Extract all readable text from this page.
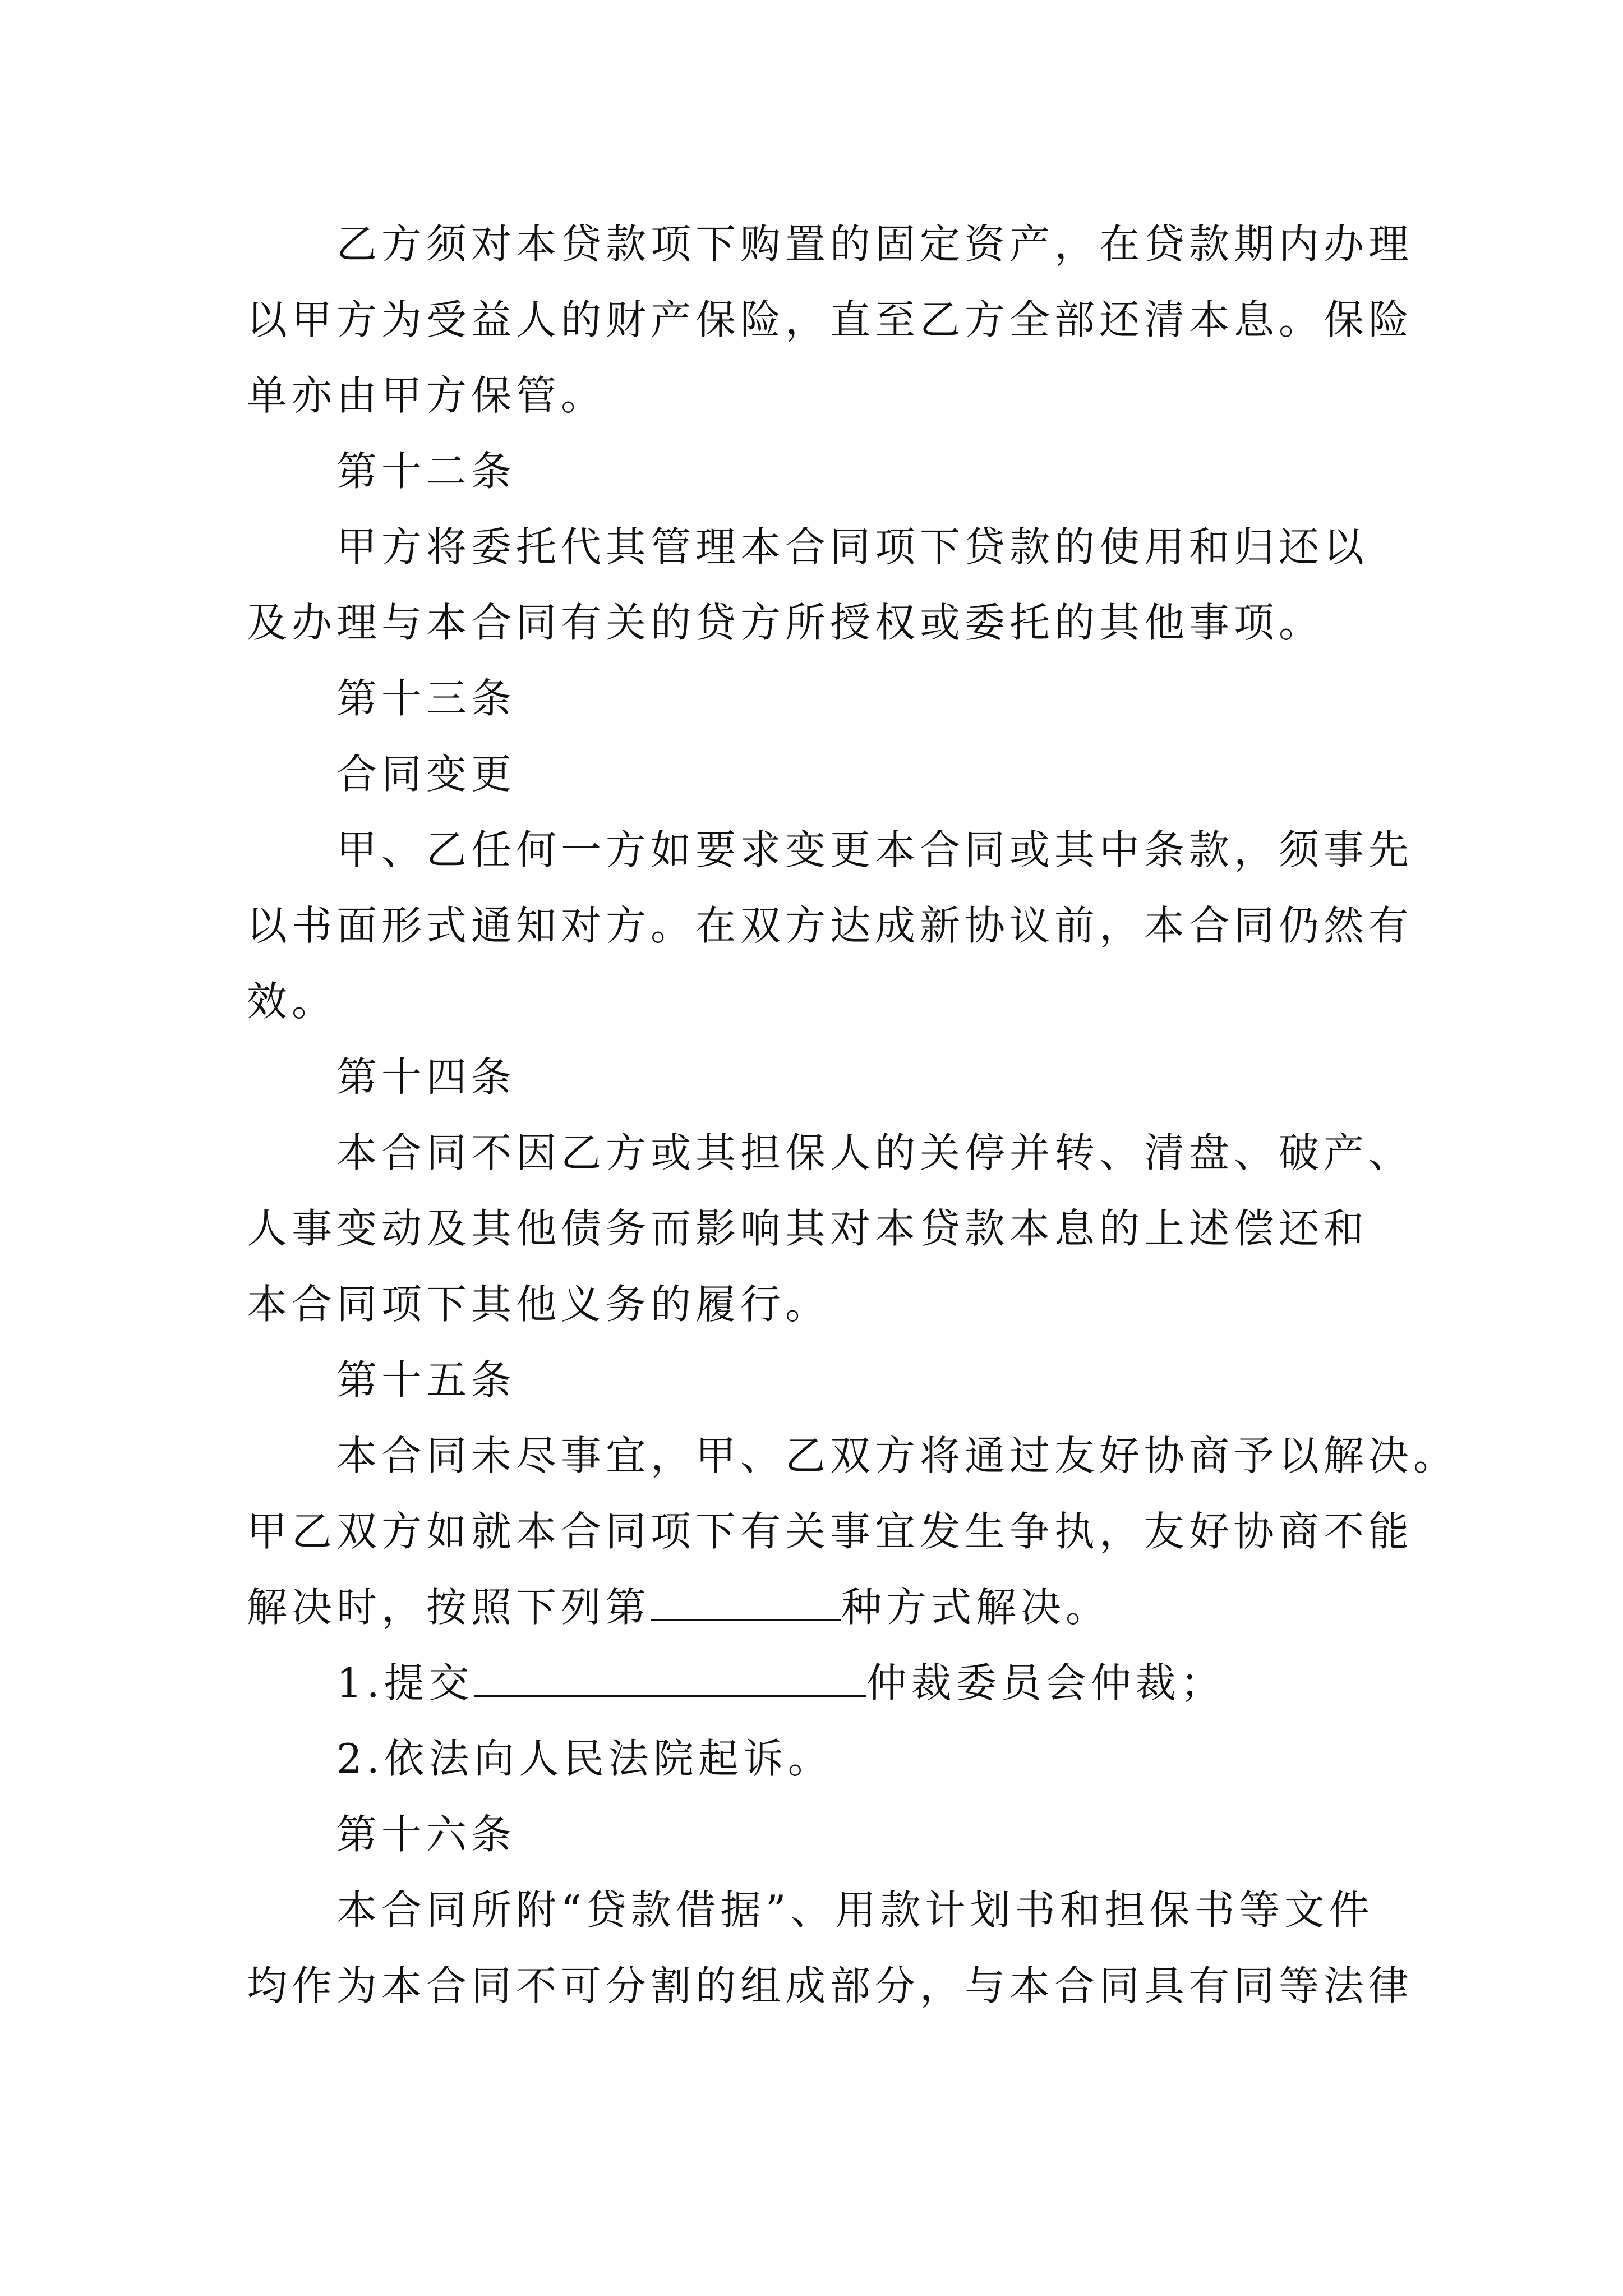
乙方须对本贷款项下购置的固定资产，在贷款期内办理
以甲方为受益人的财产保险，直至乙方全部还清本息。保险
单亦由甲方保管。
第十二条
甲方将委托代其管理本合同项下贷款的使用和归还以
及办理与本合同有关的贷方所授权或委托的其他事项。
第十三条
合同变更
甲、乙任何一方如要求变更本合同或其中条款，须事先
以书面形式通知对方。在双方达成新协议前，本合同仍然有
效。
第十四条
本合同不因乙方或其担保人的关停并转、清盘、破产、
人事变动及其他债务而影响其对本贷款本息的上述偿还和
本合同项下其他义务的履行。
第十五条
本合同未尽事宜，甲、乙双方将通过友好协商予以解决。
甲乙双方如就本合同项下有关事宜发生争执，友好协商不能
解决时，按照下列第	种方式解决。
1.提交	仲裁委员会仲裁；
2.依法向人民法院起诉。
第十六条
本合同所附“贷款借据”、用款计划书和担保书等文件
均作为本合同不可分割的组成部分，与本合同具有同等法律
